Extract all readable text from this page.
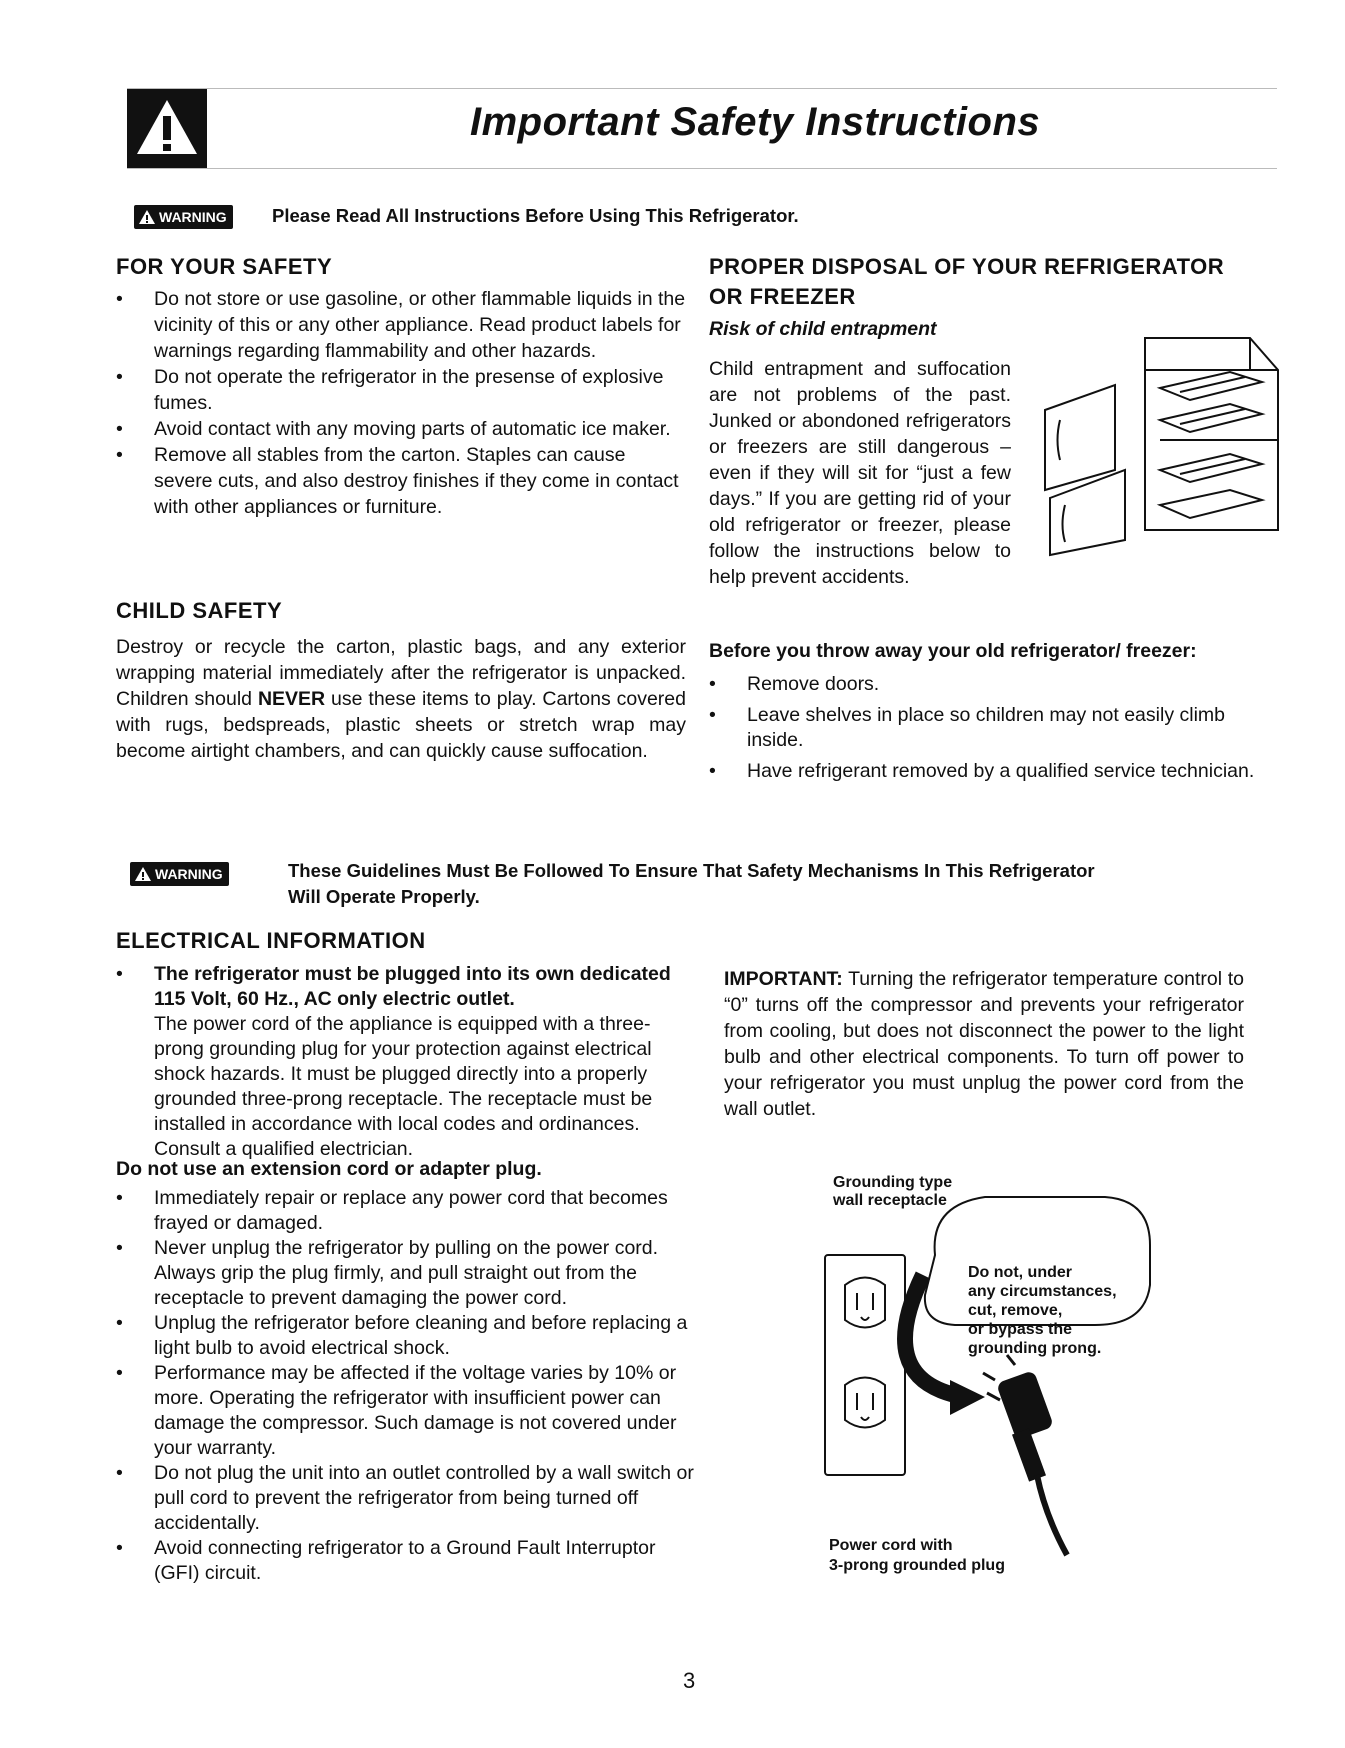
Important Safety Instructions
WARNING Please Read All Instructions Before Using This Refrigerator.
FOR YOUR SAFETY
• Do not store or use gasoline, or other flammable liquids in the vicinity of this or any other appliance. Read product labels for warnings regarding flammability and other hazards.
• Do not operate the refrigerator in the presense of explosive fumes.
• Avoid contact with any moving parts of automatic ice maker.
• Remove all stables from the carton. Staples can cause severe cuts, and also destroy finishes if they come in contact with other appliances or furniture.
CHILD SAFETY
Destroy or recycle the carton, plastic bags, and any exterior wrapping material immediately after the refrigerator is unpacked. Children should NEVER use these items to play. Cartons covered with rugs, bedspreads, plastic sheets or stretch wrap may become airtight chambers, and can quickly cause suffocation.
PROPER DISPOSAL OF YOUR REFRIGERATOR
OR FREEZER
Risk of child entrapment
Child entrapment and suffocation are not problems of the past. Junked or abondoned refrigerators or freezers are still dangerous – even if they will sit for “just a few days.” If you are getting rid of your old refrigerator or freezer, please follow the instructions below to help prevent accidents.
Before you throw away your old refrigerator/ freezer:
• Remove doors.
• Leave shelves in place so children may not easily climb inside.
• Have refrigerant removed by a qualified service technician.
WARNING	These Guidelines Must Be Followed To Ensure That Safety Mechanisms In This Refrigerator
Will Operate Properly.
ELECTRICAL INFORMATION
• The refrigerator must be plugged into its own dedicated 115 Volt, 60 Hz., AC only electric outlet.
The power cord of the appliance is equipped with a three-prong grounding plug for your protection against electrical shock hazards. It must be plugged directly into a properly grounded three-prong receptacle. The receptacle must be installed in accordance with local codes and ordinances. Consult a qualified electrician.
Do not use an extension cord or adapter plug.
• Immediately repair or replace any power cord that becomes frayed or damaged.
• Never unplug the refrigerator by pulling on the power cord. Always grip the plug firmly, and pull straight out from the receptacle to prevent damaging the power cord.
• Unplug the refrigerator before cleaning and before replacing a light bulb to avoid electrical shock.
• Performance may be affected if the voltage varies by 10% or more. Operating the refrigerator with insufficient power can damage the compressor. Such damage is not covered under your warranty.
• Do not plug the unit into an outlet controlled by a wall switch or pull cord to prevent the refrigerator from being turned off accidentally.
• Avoid connecting refrigerator to a Ground Fault Interruptor (GFI) circuit.
IMPORTANT: Turning the refrigerator temperature control to “0” turns off the compressor and prevents your refrigerator from cooling, but does not disconnect the power to the light bulb and other electrical components. To turn off power to your refrigerator you must unplug the power cord from the wall outlet.
Grounding type
wall receptacle
Do not, under
any circumstances,
cut, remove,
or bypass the
grounding prong.
Power cord with
3-prong grounded plug
3
